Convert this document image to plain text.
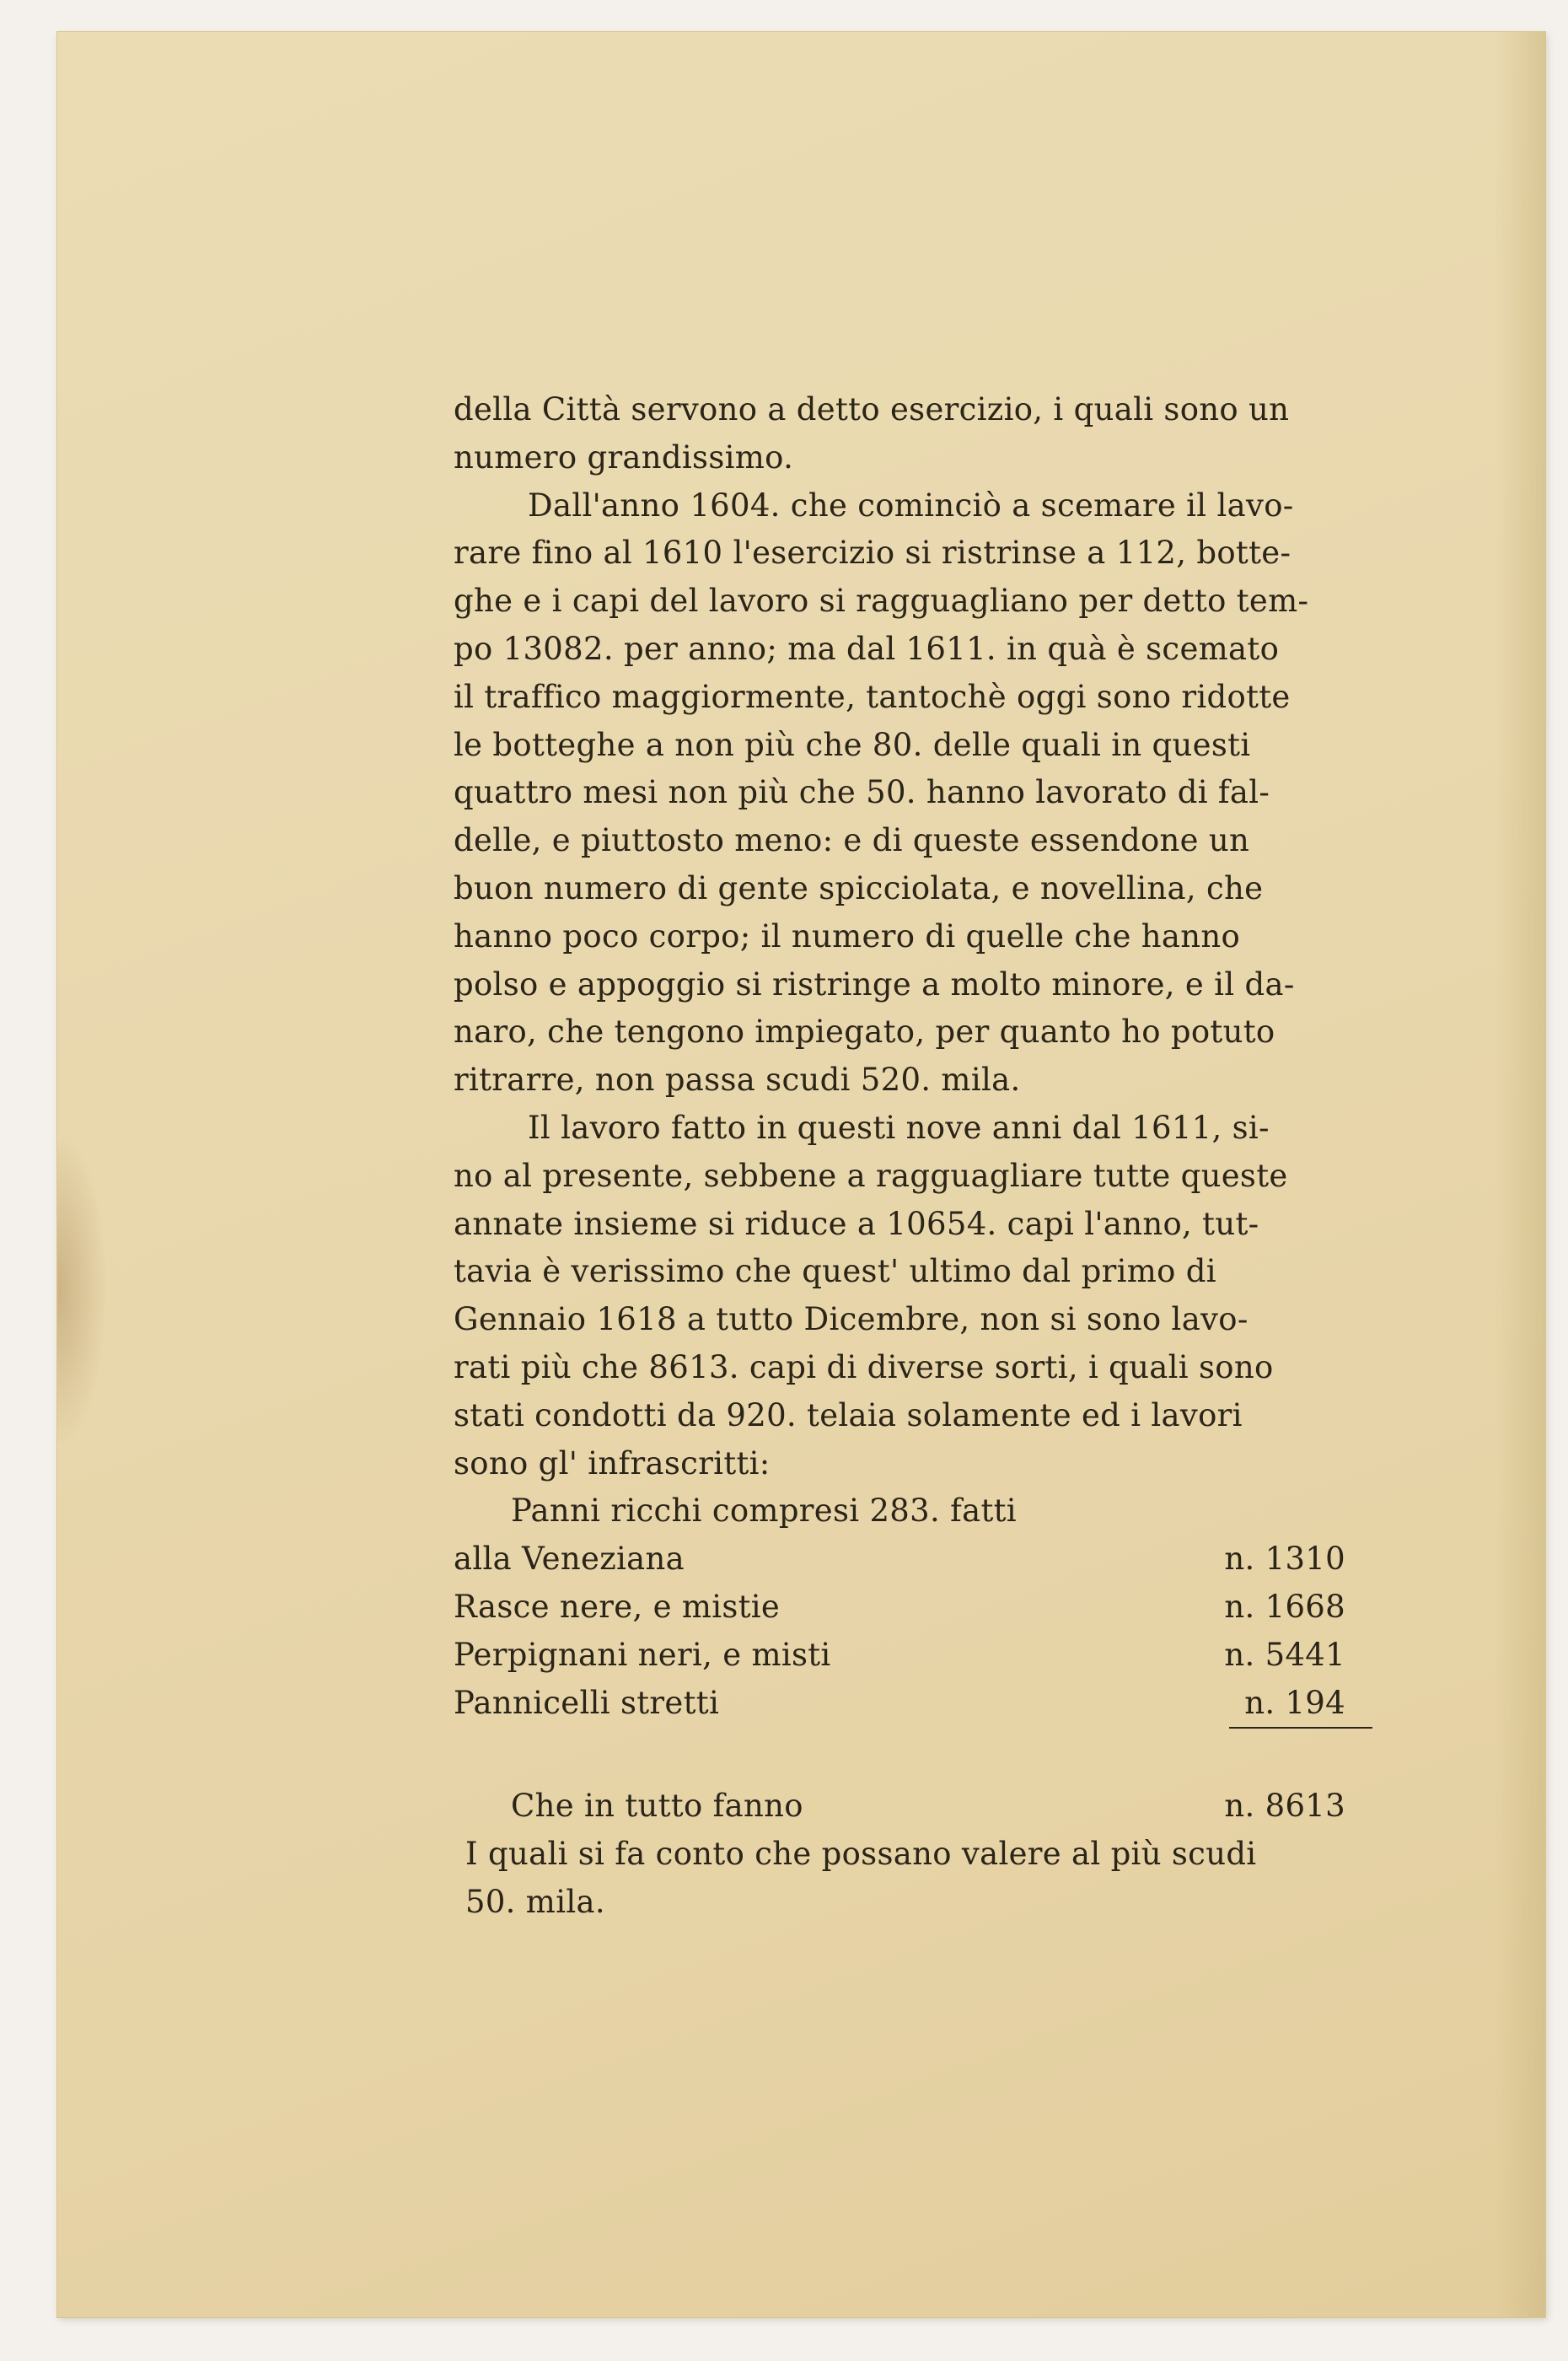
della Città servono a detto esercizio, i quali sono un
numero grandissimo.

Dall'anno 1604. che cominciò a scemare il lavo-
rare fino al 1610 l'esercizio si ristrinse a 112, botte-
ghe e i capi del lavoro si ragguagliano per detto tem-
po 13082. per anno; ma dal 1611. in quà è scemato
il traffico maggiormente, tantochè oggi sono ridotte
le botteghe a non più che 80. delle quali in questi
quattro mesi non più che 50. hanno lavorato di fal-
delle, e piuttosto meno: e di queste essendone un
buon numero di gente spicciolata, e novellina, che
hanno poco corpo; il numero di quelle che hanno
polso e appoggio si ristringe a molto minore, e il da-
naro, che tengono impiegato, per quanto ho potuto
ritrarre, non passa scudi 520. mila.

Il lavoro fatto in questi nove anni dal 1611, si-
no al presente, sebbene a ragguagliare tutte queste
annate insieme si riduce a 10654. capi l'anno, tut-
tavia è verissimo che quest' ultimo dal primo di
Gennaio 1618 a tutto Dicembre, non si sono lavo-
rati più che 8613. capi di diverse sorti, i quali sono
stati condotti da 920. telaia solamente ed i lavori
sono gl' infrascritti:

Panni ricchi compresi 283. fatti

alla Veneziana	n. 1310
Rasce nere, e mistie	n. 1668
Perpignani neri, e misti	n. 5441
Pannicelli stretti	n. 194
Che in tutto fanno	n. 8613

I quali si fa conto che possano valere al più scudi
50. mila.
